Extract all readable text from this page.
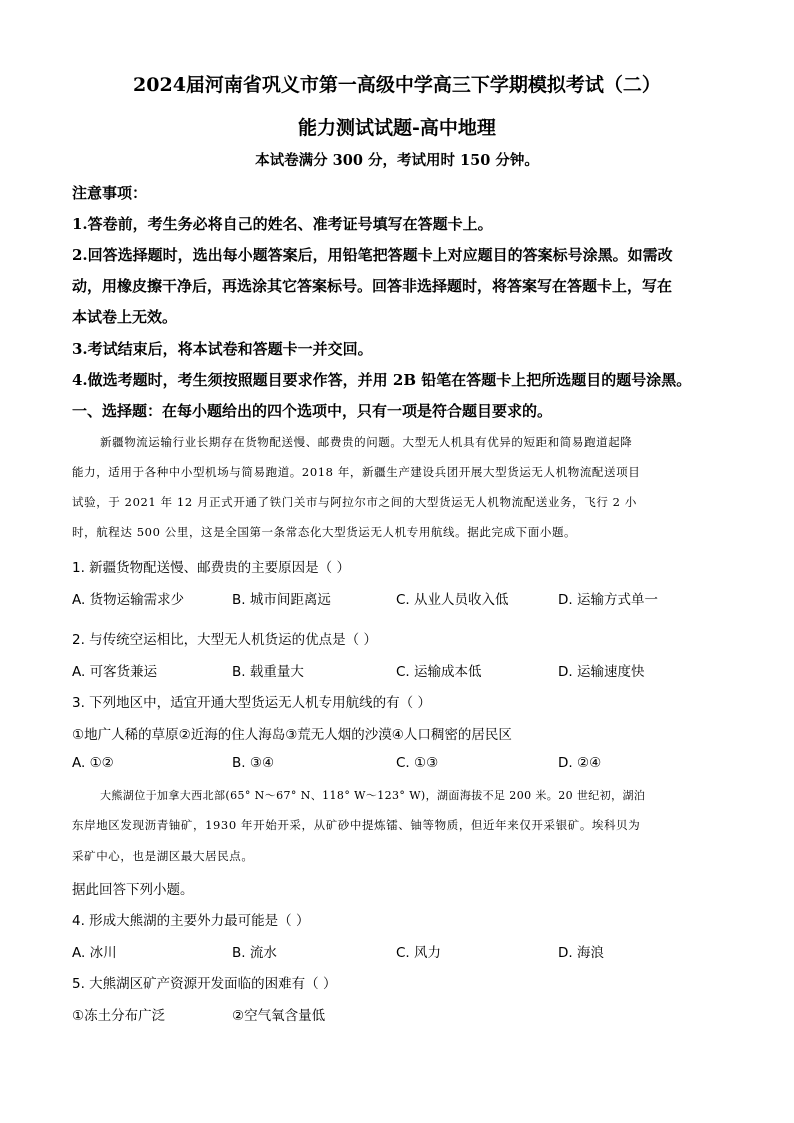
2024届河南省巩义市第一高级中学高三下学期模拟考试（二）
能力测试试题-高中地理
本试卷满分 300 分，考试用时 150 分钟。
注意事项：
1.答卷前，考生务必将自己的姓名、准考证号填写在答题卡上。
2.回答选择题时，选出每小题答案后，用铅笔把答题卡上对应题目的答案标号涂黑。如需改
动，用橡皮擦干净后，再选涂其它答案标号。回答非选择题时，将答案写在答题卡上，写在
本试卷上无效。
3.考试结束后，将本试卷和答题卡一并交回。
4.做选考题时，考生须按照题目要求作答，并用 2B 铅笔在答题卡上把所选题目的题号涂黑。
一、选择题：在每小题给出的四个选项中，只有一项是符合题目要求的。
新疆物流运输行业长期存在货物配送慢、邮费贵的问题。大型无人机具有优异的短距和简易跑道起降
能力，适用于各种中小型机场与简易跑道。2018 年，新疆生产建设兵团开展大型货运无人机物流配送项目
试验，于 2021 年 12 月正式开通了铁门关市与阿拉尔市之间的大型货运无人机物流配送业务，飞行 2 小
时，航程达 500 公里，这是全国第一条常态化大型货运无人机专用航线。据此完成下面小题。
1. 新疆货物配送慢、邮费贵的主要原因是（ ）
A. 货物运输需求少	B. 城市间距离远	C. 从业人员收入低	D. 运输方式单一
2. 与传统空运相比，大型无人机货运的优点是（ ）
A. 可客货兼运	B. 载重量大	C. 运输成本低	D. 运输速度快
3. 下列地区中，适宜开通大型货运无人机专用航线的有（ ）
①地广人稀的草原②近海的住人海岛③荒无人烟的沙漠④人口稠密的居民区
A. ①②	B. ③④	C. ①③	D. ②④
大熊湖位于加拿大西北部(65° N～67° N、118° W～123° W)，湖面海拔不足 200 米。20 世纪初，湖泊
东岸地区发现沥青铀矿，1930 年开始开采，从矿砂中提炼镭、铀等物质，但近年来仅开采银矿。埃科贝为
采矿中心，也是湖区最大居民点。
据此回答下列小题。
4. 形成大熊湖的主要外力最可能是（ ）
A. 冰川	B. 流水	C. 风力	D. 海浪
5. 大熊湖区矿产资源开发面临的困难有（ ）
①冻土分布广泛	②空气氧含量低
